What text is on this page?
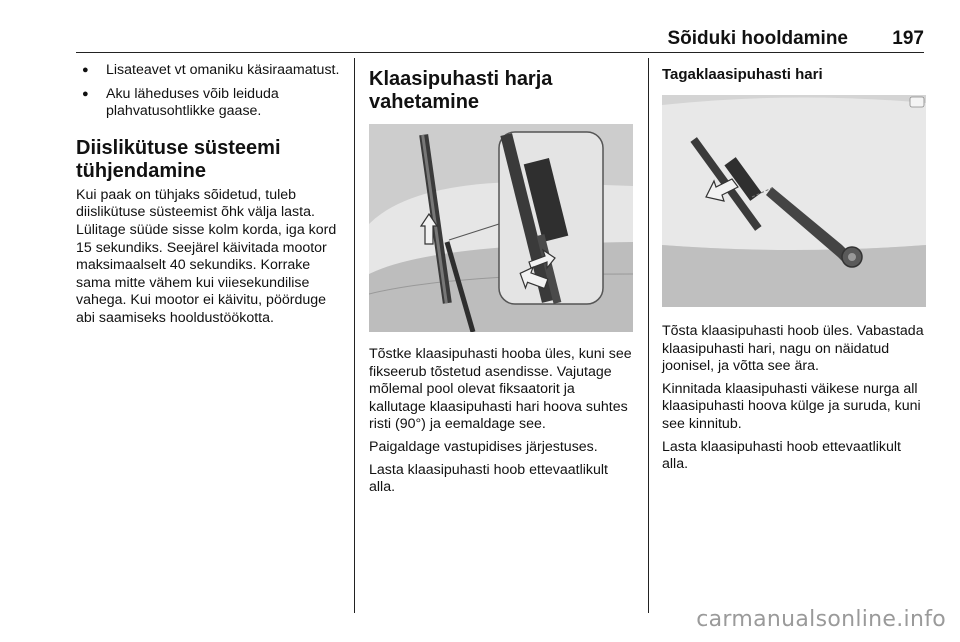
Sõiduki hooldamine 197
● Lisateavet vt omaniku käsiraamatust.
● Aku läheduses võib leiduda plahvatusohtlikke gaase.
Diislikütuse süsteemi tühjendamine

Kui paak on tühjaks sõidetud, tuleb diislikütuse süsteemist õhk välja lasta. Lülitage süüde sisse kolm korda, iga kord 15 sekundiks. Seejärel käivitada mootor maksimaalselt 40 sekundiks. Korrake sama mitte vähem kui viiesekundilise vahega. Kui mootor ei käivitu, pöörduge abi saamiseks hooldustöökotta.

Klaasipuhasti harja vahetamine

Tõstke klaasipuhasti hooba üles, kuni see fikseerub tõstetud asendisse. Vajutage mõlemal pool olevat fiksaatorit ja kallutage klaasipuhasti hari hoova suhtes risti (90°) ja eemaldage see.

Paigaldage vastupidises järjestuses.

Lasta klaasipuhasti hoob ettevaatlikult alla.

Tagaklaasipuhasti hari

Tõsta klaasipuhasti hoob üles. Vabastada klaasipuhasti hari, nagu on näidatud joonisel, ja võtta see ära.

Kinnitada klaasipuhasti väikese nurga all klaasipuhasti hoova külge ja suruda, kuni see kinnitub.

Lasta klaasipuhasti hoob ettevaatlikult alla.

carmanualsonline.info
